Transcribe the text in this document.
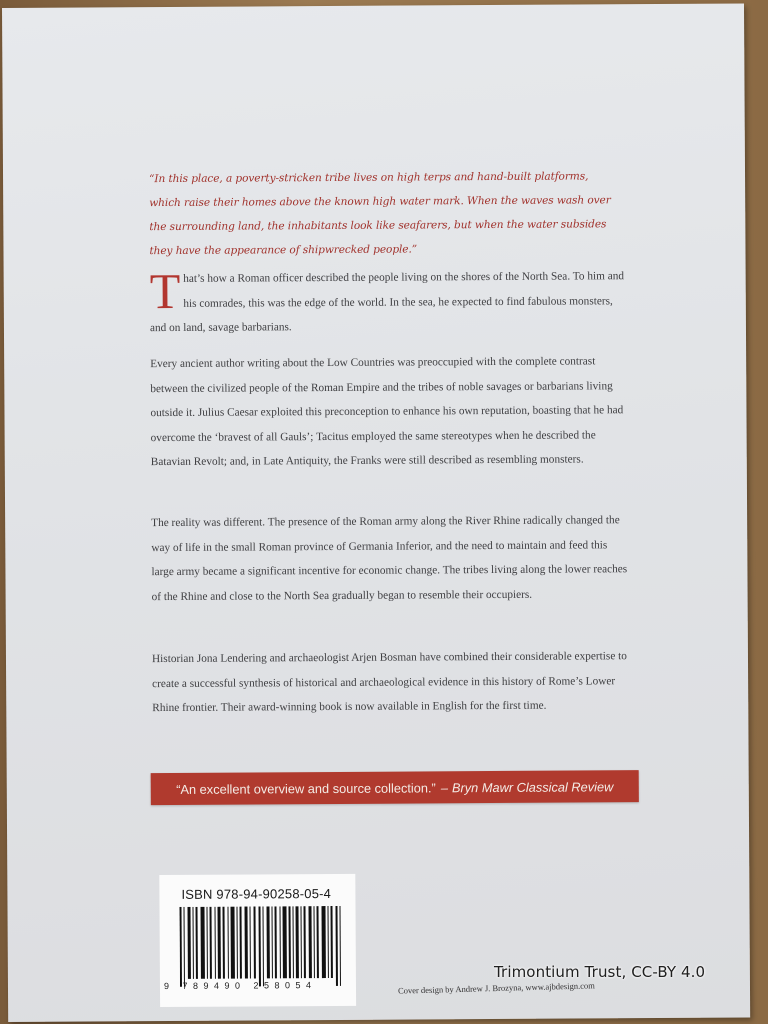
“In this place, a poverty-stricken tribe lives on high terps and hand-built platforms, which raise their homes above the known high water mark. When the waves wash over the surrounding land, the inhabitants look like seafarers, but when the water subsides they have the appearance of shipwrecked people.”
That’s how a Roman officer described the people living on the shores of the North Sea. To him and his comrades, this was the edge of the world. In the sea, he expected to find fabulous monsters, and on land, savage barbarians.
Every ancient author writing about the Low Countries was preoccupied with the complete contrast between the civilized people of the Roman Empire and the tribes of noble savages or barbarians living outside it. Julius Caesar exploited this preconception to enhance his own reputation, boasting that he had overcome the ‘bravest of all Gauls’; Tacitus employed the same stereotypes when he described the Batavian Revolt; and, in Late Antiquity, the Franks were still described as resembling monsters.
The reality was different. The presence of the Roman army along the River Rhine radically changed the way of life in the small Roman province of Germania Inferior, and the need to maintain and feed this large army became a significant incentive for economic change. The tribes living along the lower reaches of the Rhine and close to the North Sea gradually began to resemble their occupiers.
Historian Jona Lendering and archaeologist Arjen Bosman have combined their considerable expertise to create a successful synthesis of historical and archaeological evidence in this history of Rome’s Lower Rhine frontier. Their award-winning book is now available in English for the first time.
“An excellent overview and source collection.” – Bryn Mawr Classical Review
ISBN 978-94-90258-05-4
9 789490 258054	Cover design by Andrew J. Brozyna, www.ajbdesign.com
Trimontium Trust, CC-BY 4.0
